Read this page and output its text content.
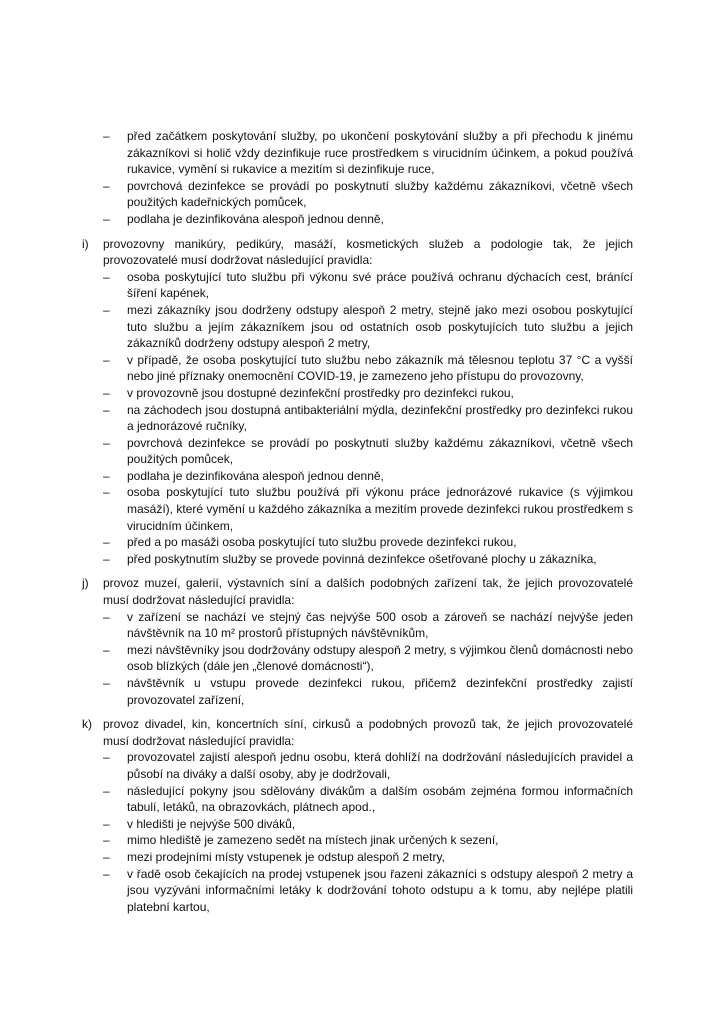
–	před začátkem poskytování služby, po ukončení poskytování služby a při přechodu k jinému zákazníkovi si holič vždy dezinfikuje ruce prostředkem s virucidním účinkem, a pokud používá rukavice, vymění si rukavice a mezitím si dezinfikuje ruce,
–	povrchová dezinfekce se provádí po poskytnutí služby každému zákazníkovi, včetně všech použitých kadeřnických pomůcek,
–	podlaha je dezinfikována alespoň jednou denně,
i)	provozovny manikúry, pedikúry, masáží, kosmetických služeb a podologie tak, že jejich provozovatelé musí dodržovat následující pravidla:
–	osoba poskytující tuto službu při výkonu své práce používá ochranu dýchacích cest, bránící šíření kapének,
–	mezi zákazníky jsou dodrženy odstupy alespoň 2 metry, stejně jako mezi osobou poskytující tuto službu a jejím zákazníkem jsou od ostatních osob poskytujících tuto službu a jejich zákazníků dodrženy odstupy alespoň 2 metry,
–	v případě, že osoba poskytující tuto službu nebo zákazník má tělesnou teplotu 37 °C a vyšší nebo jiné příznaky onemocnění COVID-19, je zamezeno jeho přístupu do provozovny,
–	v provozovně jsou dostupné dezinfekční prostředky pro dezinfekci rukou,
–	na záchodech jsou dostupná antibakteriální mýdla, dezinfekční prostředky pro dezinfekci rukou a jednorázové ručníky,
–	povrchová dezinfekce se provádí po poskytnutí služby každému zákazníkovi, včetně všech použitých pomůcek,
–	podlaha je dezinfikována alespoň jednou denně,
–	osoba poskytující tuto službu používá při výkonu práce jednorázové rukavice (s výjimkou masáží), které vymění u každého zákazníka a mezitím provede dezinfekci rukou prostředkem s virucidním účinkem,
–	před a po masáži osoba poskytující tuto službu provede dezinfekci rukou,
–	před poskytnutím služby se provede povinná dezinfekce ošetřované plochy u zákazníka,
j)	provoz muzeí, galerií, výstavních síní a dalších podobných zařízení tak, že jejich provozovatelé musí dodržovat následující pravidla:
–	v zařízení se nachází ve stejný čas nejvýše 500 osob a zároveň se nachází nejvýše jeden návštěvník na 10 m² prostorů přístupných návštěvníkům,
–	mezi návštěvníky jsou dodržovány odstupy alespoň 2 metry, s výjimkou členů domácnosti nebo osob blízkých (dále jen „členové domácnosti“),
–	návštěvník u vstupu provede dezinfekci rukou, přičemž dezinfekční prostředky zajistí provozovatel zařízení,
k) provoz divadel, kin, koncertních síní, cirkusů a podobných provozů tak, že jejich provozovatelé musí dodržovat následující pravidla:
–	provozovatel zajistí alespoň jednu osobu, která dohlíží na dodržování následujících pravidel a působí na diváky a další osoby, aby je dodržovali,
–	následující pokyny jsou sdělovány divákům a dalším osobám zejména formou informačních tabulí, letáků, na obrazovkách, plátnech apod.,
–	v hledišti je nejvýše 500 diváků,
–	mimo hlediště je zamezeno sedět na místech jinak určených k sezení,
–	mezi prodejními místy vstupenek je odstup alespoň 2 metry,
–	v řadě osob čekajících na prodej vstupenek jsou řazeni zákazníci s odstupy alespoň 2 metry a jsou vyzýváni informačními letáky k dodržování tohoto odstupu a k tomu, aby nejlépe platili platební kartou,
